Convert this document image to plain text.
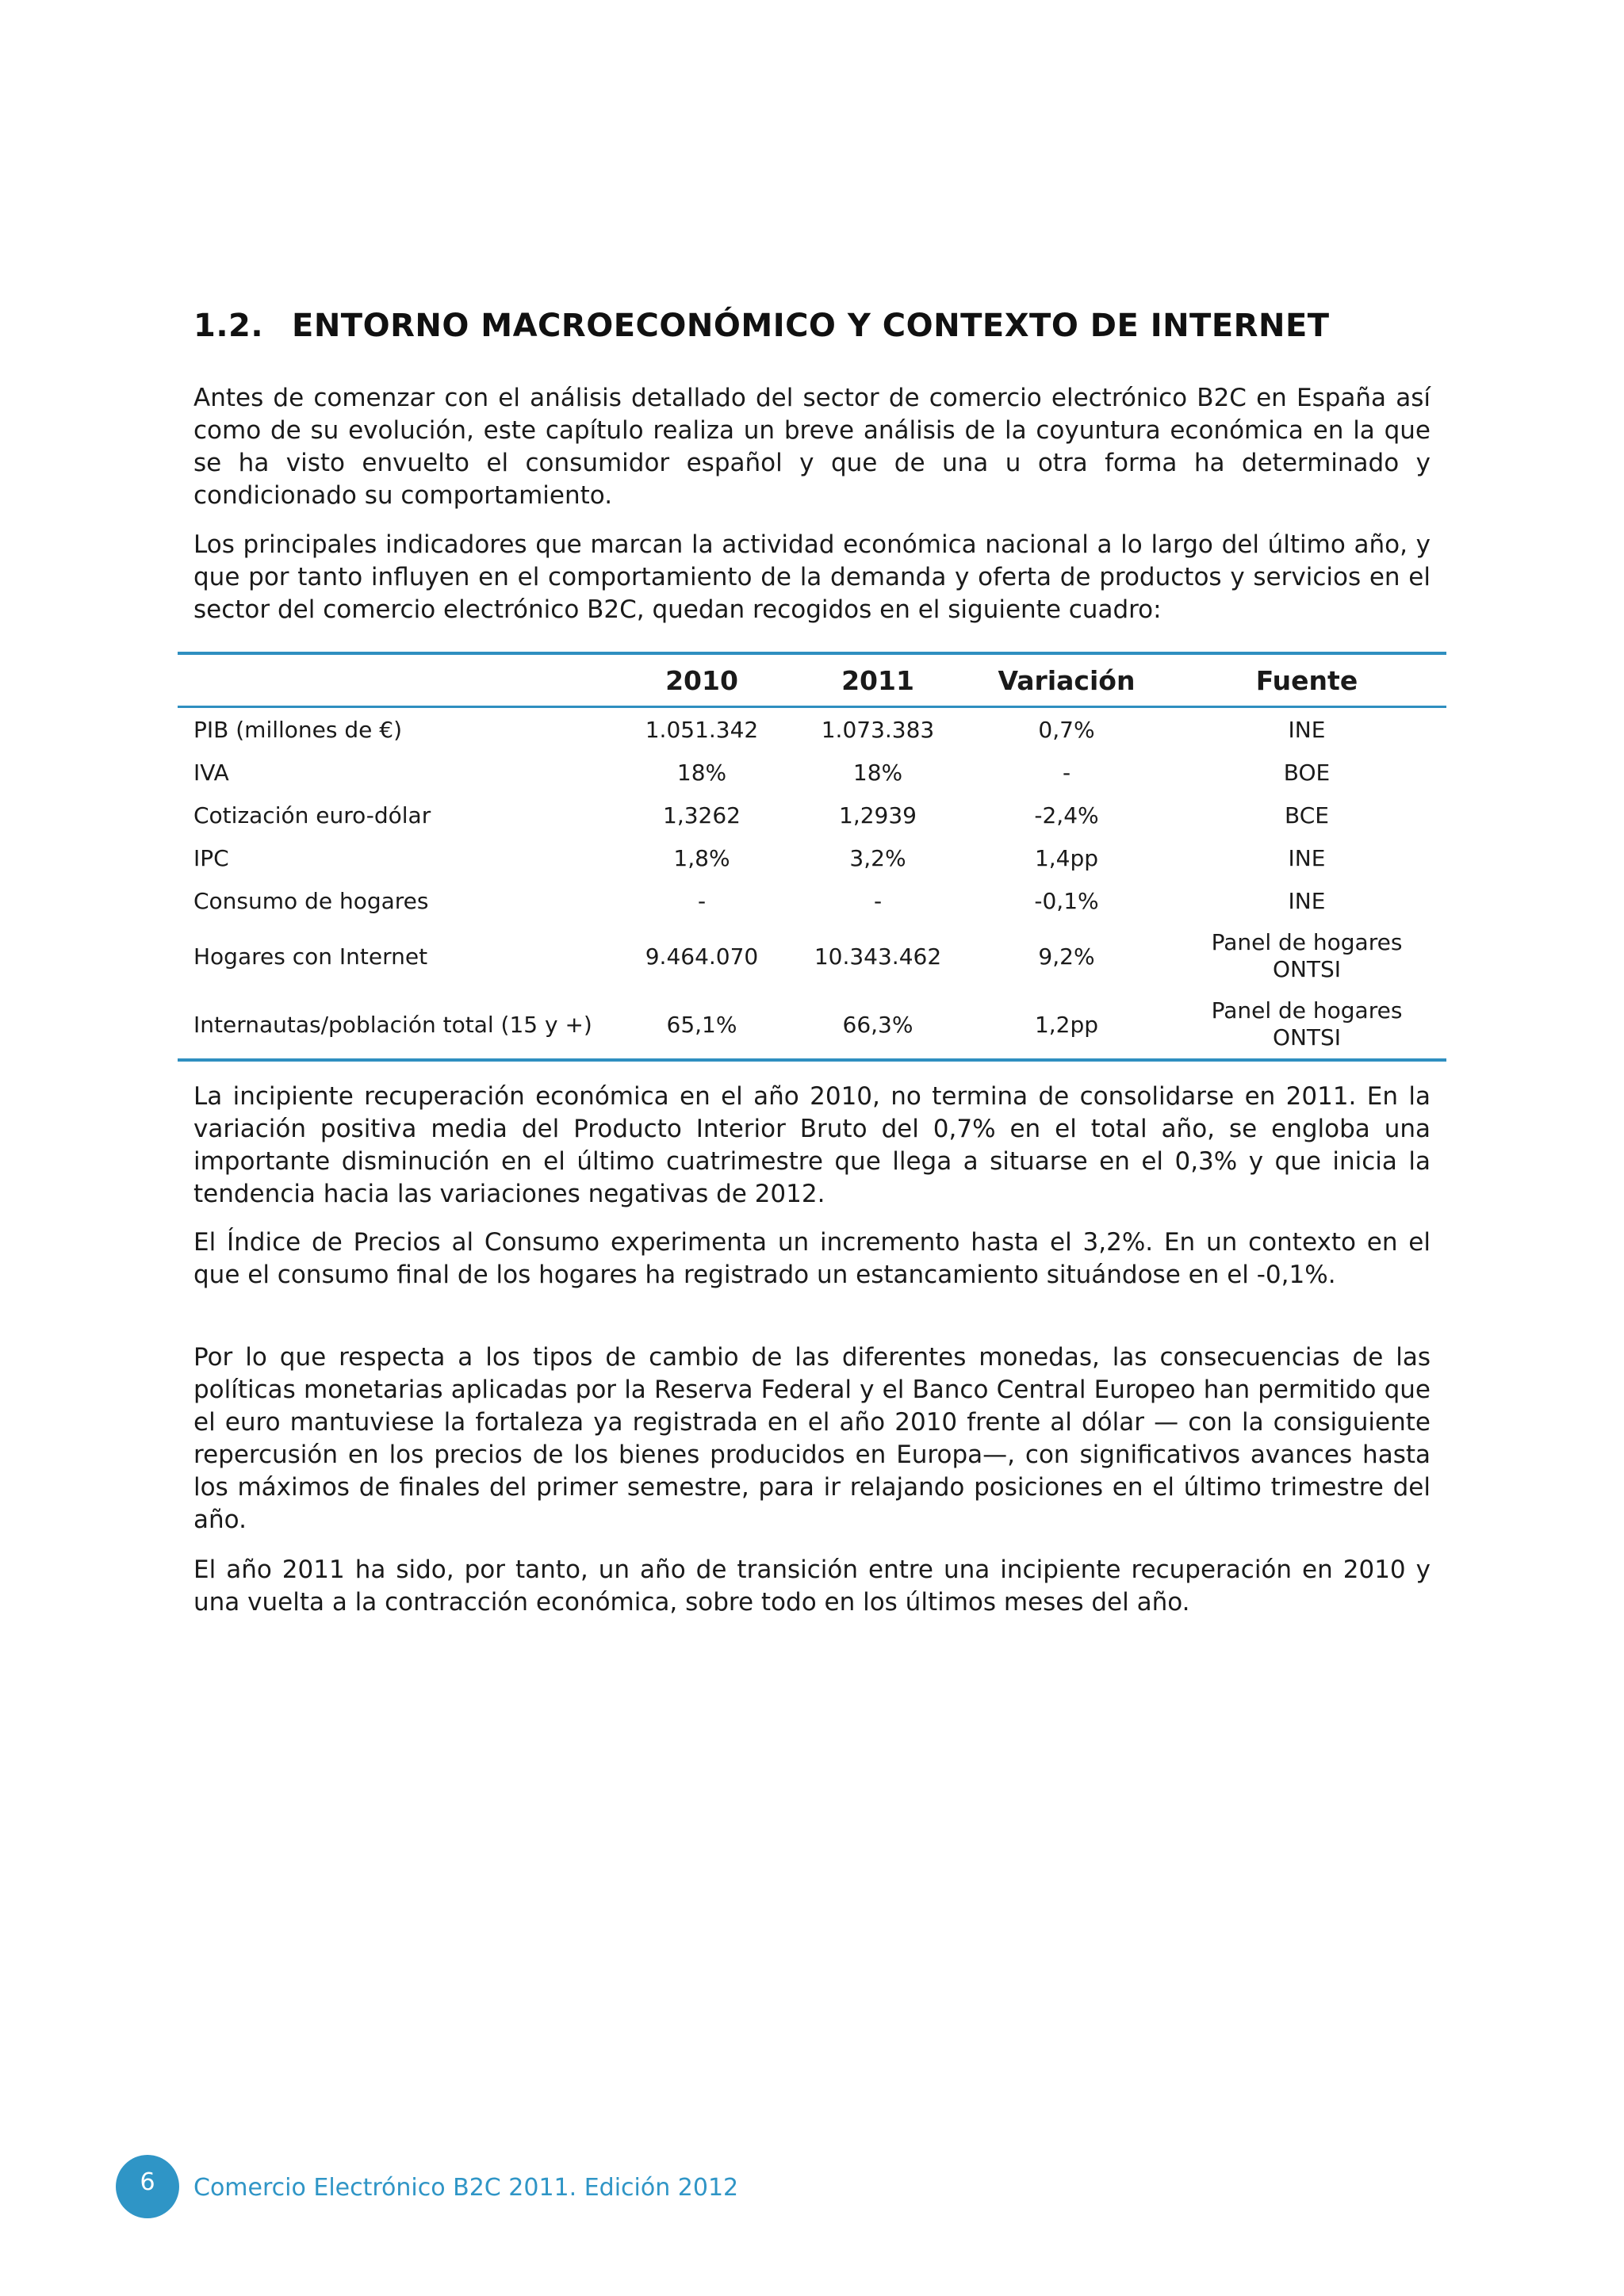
1.2. ENTORNO MACROECONÓMICO Y CONTEXTO DE INTERNET

Antes de comenzar con el análisis detallado del sector de comercio electrónico B2C en España así como de su evolución, este capítulo realiza un breve análisis de la coyuntura económica en la que se ha visto envuelto el consumidor español y que de una u otra forma ha determinado y condicionado su comportamiento.

Los principales indicadores que marcan la actividad económica nacional a lo largo del último año, y que por tanto influyen en el comportamiento de la demanda y oferta de productos y servicios en el sector del comercio electrónico B2C, quedan recogidos en el siguiente cuadro:

	2010	2011	Variación	Fuente
PIB (millones de €)	1.051.342	1.073.383	0,7%	INE
IVA	18%	18%	-	BOE
Cotización euro-dólar	1,3262	1,2939	-2,4%	BCE
IPC	1,8%	3,2%	1,4pp	INE
Consumo de hogares	-	-	-0,1%	INE
Hogares con Internet	9.464.070	10.343.462	9,2%	Panel de hogares
ONTSI

Internautas/población total (15 y +)	65,1%	66,3%	1,2pp	Panel de hogares
ONTSI

La incipiente recuperación económica en el año 2010, no termina de consolidarse en 2011. En la variación positiva media del Producto Interior Bruto del 0,7% en el total año, se engloba una importante disminución en el último cuatrimestre que llega a situarse en el 0,3% y que inicia la tendencia hacia las variaciones negativas de 2012.

El Índice de Precios al Consumo experimenta un incremento hasta el 3,2%. En un contexto en el que el consumo final de los hogares ha registrado un estancamiento situándose en el -0,1%.

Por lo que respecta a los tipos de cambio de las diferentes monedas, las consecuencias de las políticas monetarias aplicadas por la Reserva Federal y el Banco Central Europeo han permitido que el euro mantuviese la fortaleza ya registrada en el año 2010 frente al dólar — con la consiguiente repercusión en los precios de los bienes producidos en Europa—, con significativos avances hasta los máximos de finales del primer semestre, para ir relajando posiciones en el último trimestre del año.

El año 2011 ha sido, por tanto, un año de transición entre una incipiente recuperación en 2010 y una vuelta a la contracción económica, sobre todo en los últimos meses del año.

6	Comercio Electrónico B2C 2011. Edición 2012
